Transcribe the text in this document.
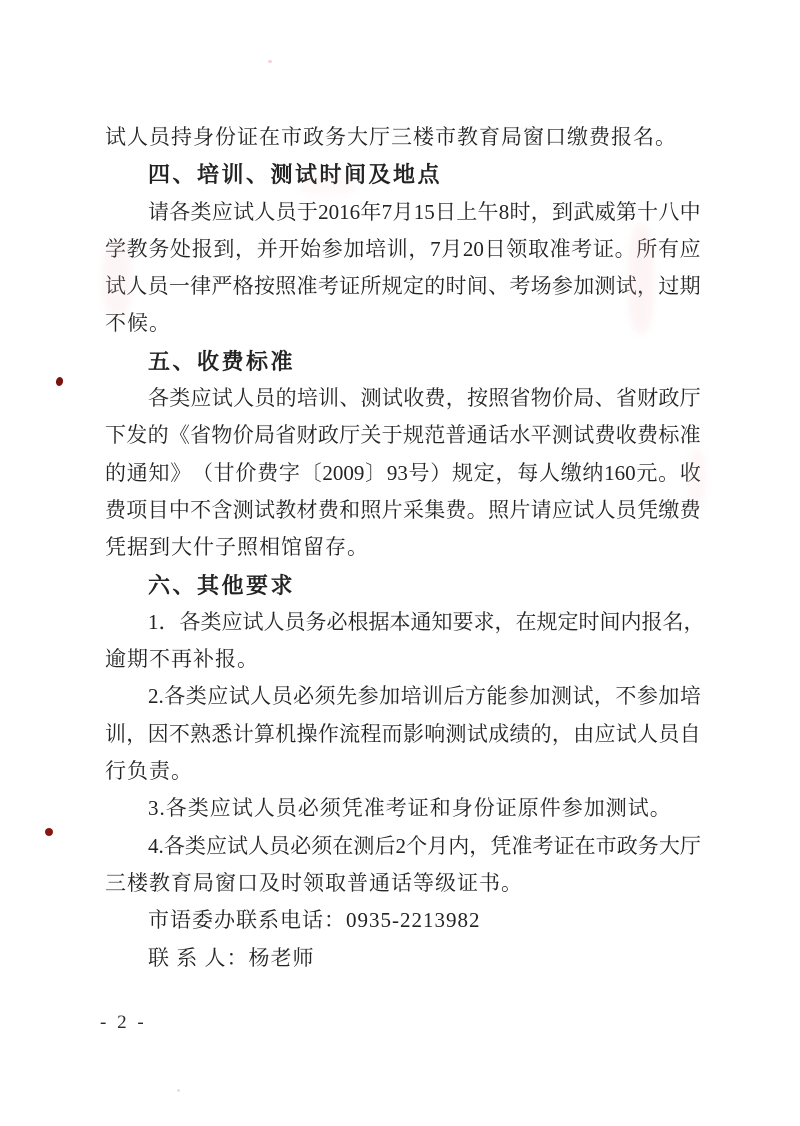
试人员持身份证在市政务大厅三楼市教育局窗口缴费报名。
四、培训、测试时间及地点
请 各 类 应 试 人 员 于 2016 年 7 月 15 日 上 午 8 时 ， 到 武 威 第 十 八 中
学 教 务 处 报 到 ， 并 开 始 参 加 培 训 ， 7 月 20 日 领 取 准 考 证 。 所 有 应
试 人 员 一 律 严 格 按 照 准 考 证 所 规 定 的 时 间 、 考 场 参 加 测 试 ， 过 期
不候。
五、收费标准
各 类 应 试 人 员 的 培 训 、 测 试 收 费 ， 按 照 省 物 价 局 、 省 财 政 厅
下 发 的 《 省 物 价 局 省 财 政 厅 关 于 规 范 普 通 话 水 平 测 试 费 收 费 标 准
的 通 知 》 （ 甘 价 费 字 〔 2009 〕 93 号 ） 规 定 ， 每 人 缴 纳 160 元 。 收
费 项 目 中 不 含 测 试 教 材 费 和 照 片 采 集 费 。 照 片 请 应 试 人 员 凭 缴 费
凭据到大什子照相馆留存。
六、其他要求
1 ． 各 类 应 试 人 员 务 必 根 据 本 通 知 要 求 ， 在 规 定 时 间 内 报 名 ，
逾期不再补报。
2. 各 类 应 试 人 员 必 须 先 参 加 培 训 后 方 能 参 加 测 试 ， 不 参 加 培
训 ， 因 不 熟 悉 计 算 机 操 作 流 程 而 影 响 测 试 成 绩 的 ， 由 应 试 人 员 自
行负责。
3.各类应试人员必须凭准考证和身份证原件参加测试。
4. 各 类 应 试 人 员 必 须 在 测 后 2 个 月 内 ， 凭 准 考 证 在 市 政 务 大 厅
三楼教育局窗口及时领取普通话等级证书。
市语委办联系电话：0935-2213982
联 系 人：杨老师
- 2 -
